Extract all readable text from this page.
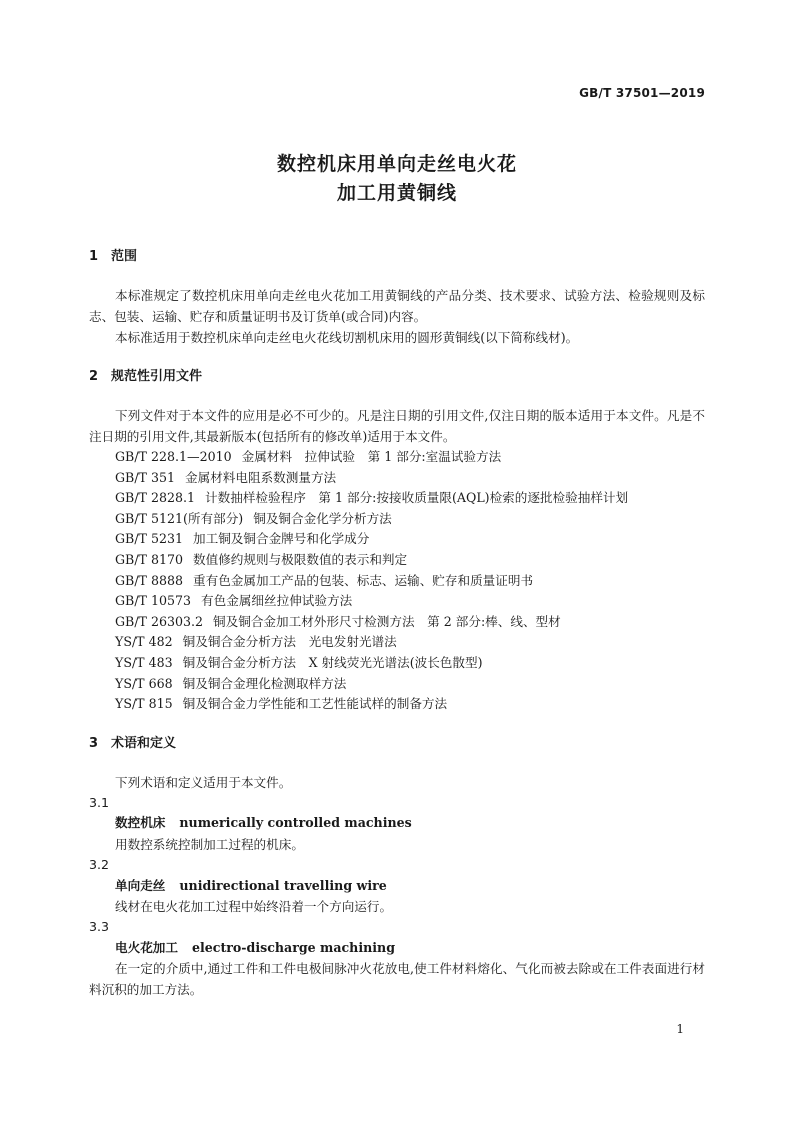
GB/T 37501—2019
数控机床用单向走丝电火花
加工用黄铜线
1 范围

本标准规定了数控机床用单向走丝电火花加工用黄铜线的产品分类、技术要求、试验方法、检验规则及标志、包装、运输、贮存和质量证明书及订货单(或合同)内容。

本标准适用于数控机床单向走丝电火花线切割机床用的圆形黄铜线(以下简称线材)。

2 规范性引用文件

下列文件对于本文件的应用是必不可少的。凡是注日期的引用文件,仅注日期的版本适用于本文件。凡是不注日期的引用文件,其最新版本(包括所有的修改单)适用于本文件。

GB/T 228.1—2010 金属材料　拉伸试验　第 1 部分:室温试验方法
GB/T 351 金属材料电阻系数测量方法
GB/T 2828.1 计数抽样检验程序　第 1 部分:按接收质量限(AQL)检索的逐批检验抽样计划
GB/T 5121(所有部分) 铜及铜合金化学分析方法
GB/T 5231 加工铜及铜合金牌号和化学成分
GB/T 8170 数值修约规则与极限数值的表示和判定
GB/T 8888 重有色金属加工产品的包装、标志、运输、贮存和质量证明书
GB/T 10573 有色金属细丝拉伸试验方法
GB/T 26303.2 铜及铜合金加工材外形尺寸检测方法　第 2 部分:棒、线、型材
YS/T 482 铜及铜合金分析方法　光电发射光谱法
YS/T 483 铜及铜合金分析方法　X 射线荧光光谱法(波长色散型)
YS/T 668 铜及铜合金理化检测取样方法
YS/T 815 铜及铜合金力学性能和工艺性能试样的制备方法
3 术语和定义

下列术语和定义适用于本文件。

3.1
数控机床 numerically controlled machines

用数控系统控制加工过程的机床。

3.2
单向走丝 unidirectional travelling wire

线材在电火花加工过程中始终沿着一个方向运行。

3.3
电火花加工 electro-discharge machining

在一定的介质中,通过工件和工件电极间脉冲火花放电,使工件材料熔化、气化而被去除或在工件表面进行材料沉积的加工方法。

1
